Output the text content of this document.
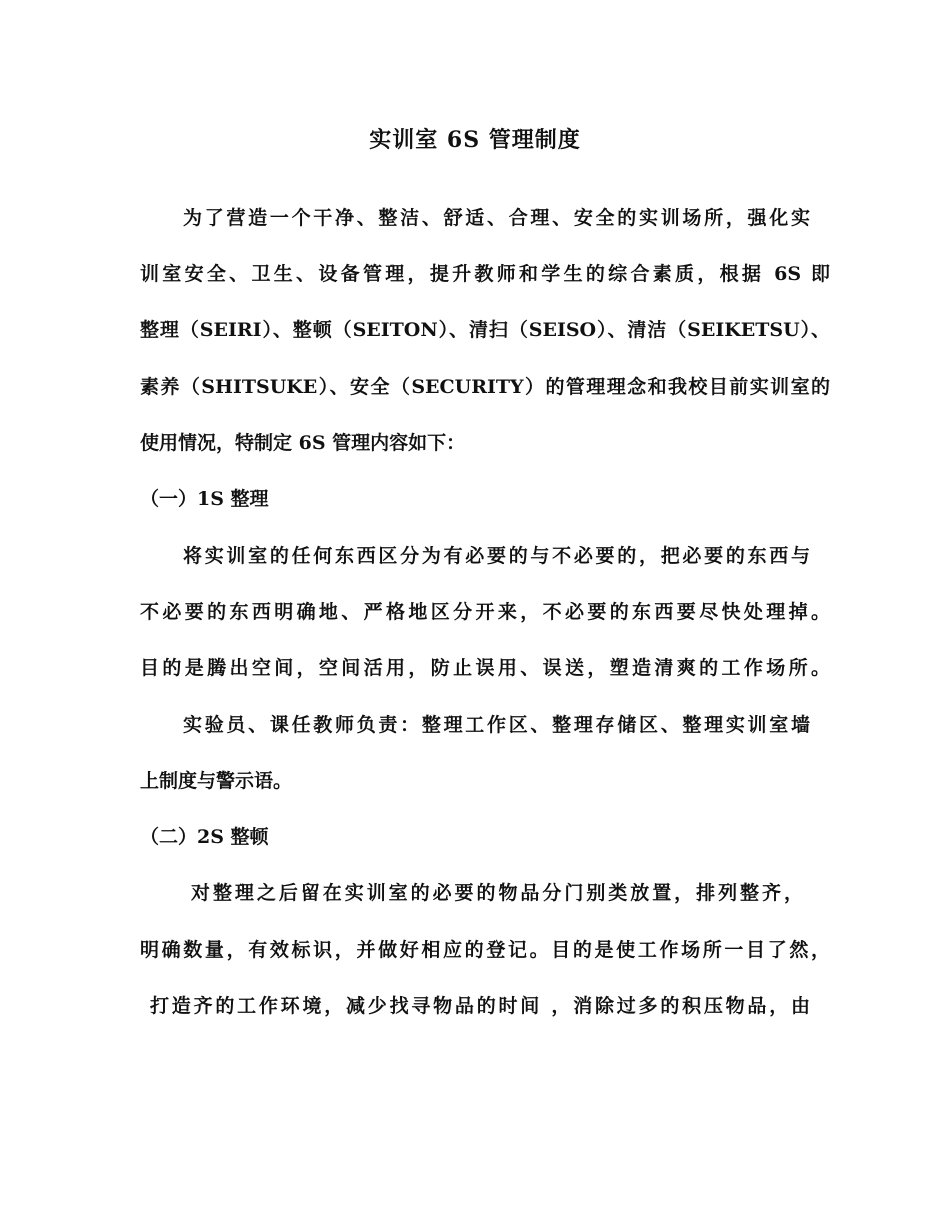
实训室 6S 管理制度
为了营造一个干净、整洁、舒适、合理、安全的实训场所，强化实
训室安全、卫生、设备管理，提升教师和学生的综合素质，根据 6S 即
整理（SEIRI）、整顿（SEITON）、清扫（SEISO）、清洁（SEIKETSU）、
素养（SHITSUKE）、安全（SECURITY）的管理理念和我校目前实训室的
使用情况，特制定 6S 管理内容如下：
（一）1S 整理
将实训室的任何东西区分为有必要的与不必要的，把必要的东西与
不必要的东西明确地、严格地区分开来，不必要的东西要尽快处理掉。
目的是腾出空间，空间活用，防止误用、误送，塑造清爽的工作场所。
实验员、课任教师负责：整理工作区、整理存储区、整理实训室墙
上制度与警示语。
（二）2S 整顿
对整理之后留在实训室的必要的物品分门别类放置，排列整齐，
明确数量，有效标识，并做好相应的登记。目的是使工作场所一目了然，
打造齐的工作环境，减少找寻物品的时间 ，消除过多的积压物品，由
